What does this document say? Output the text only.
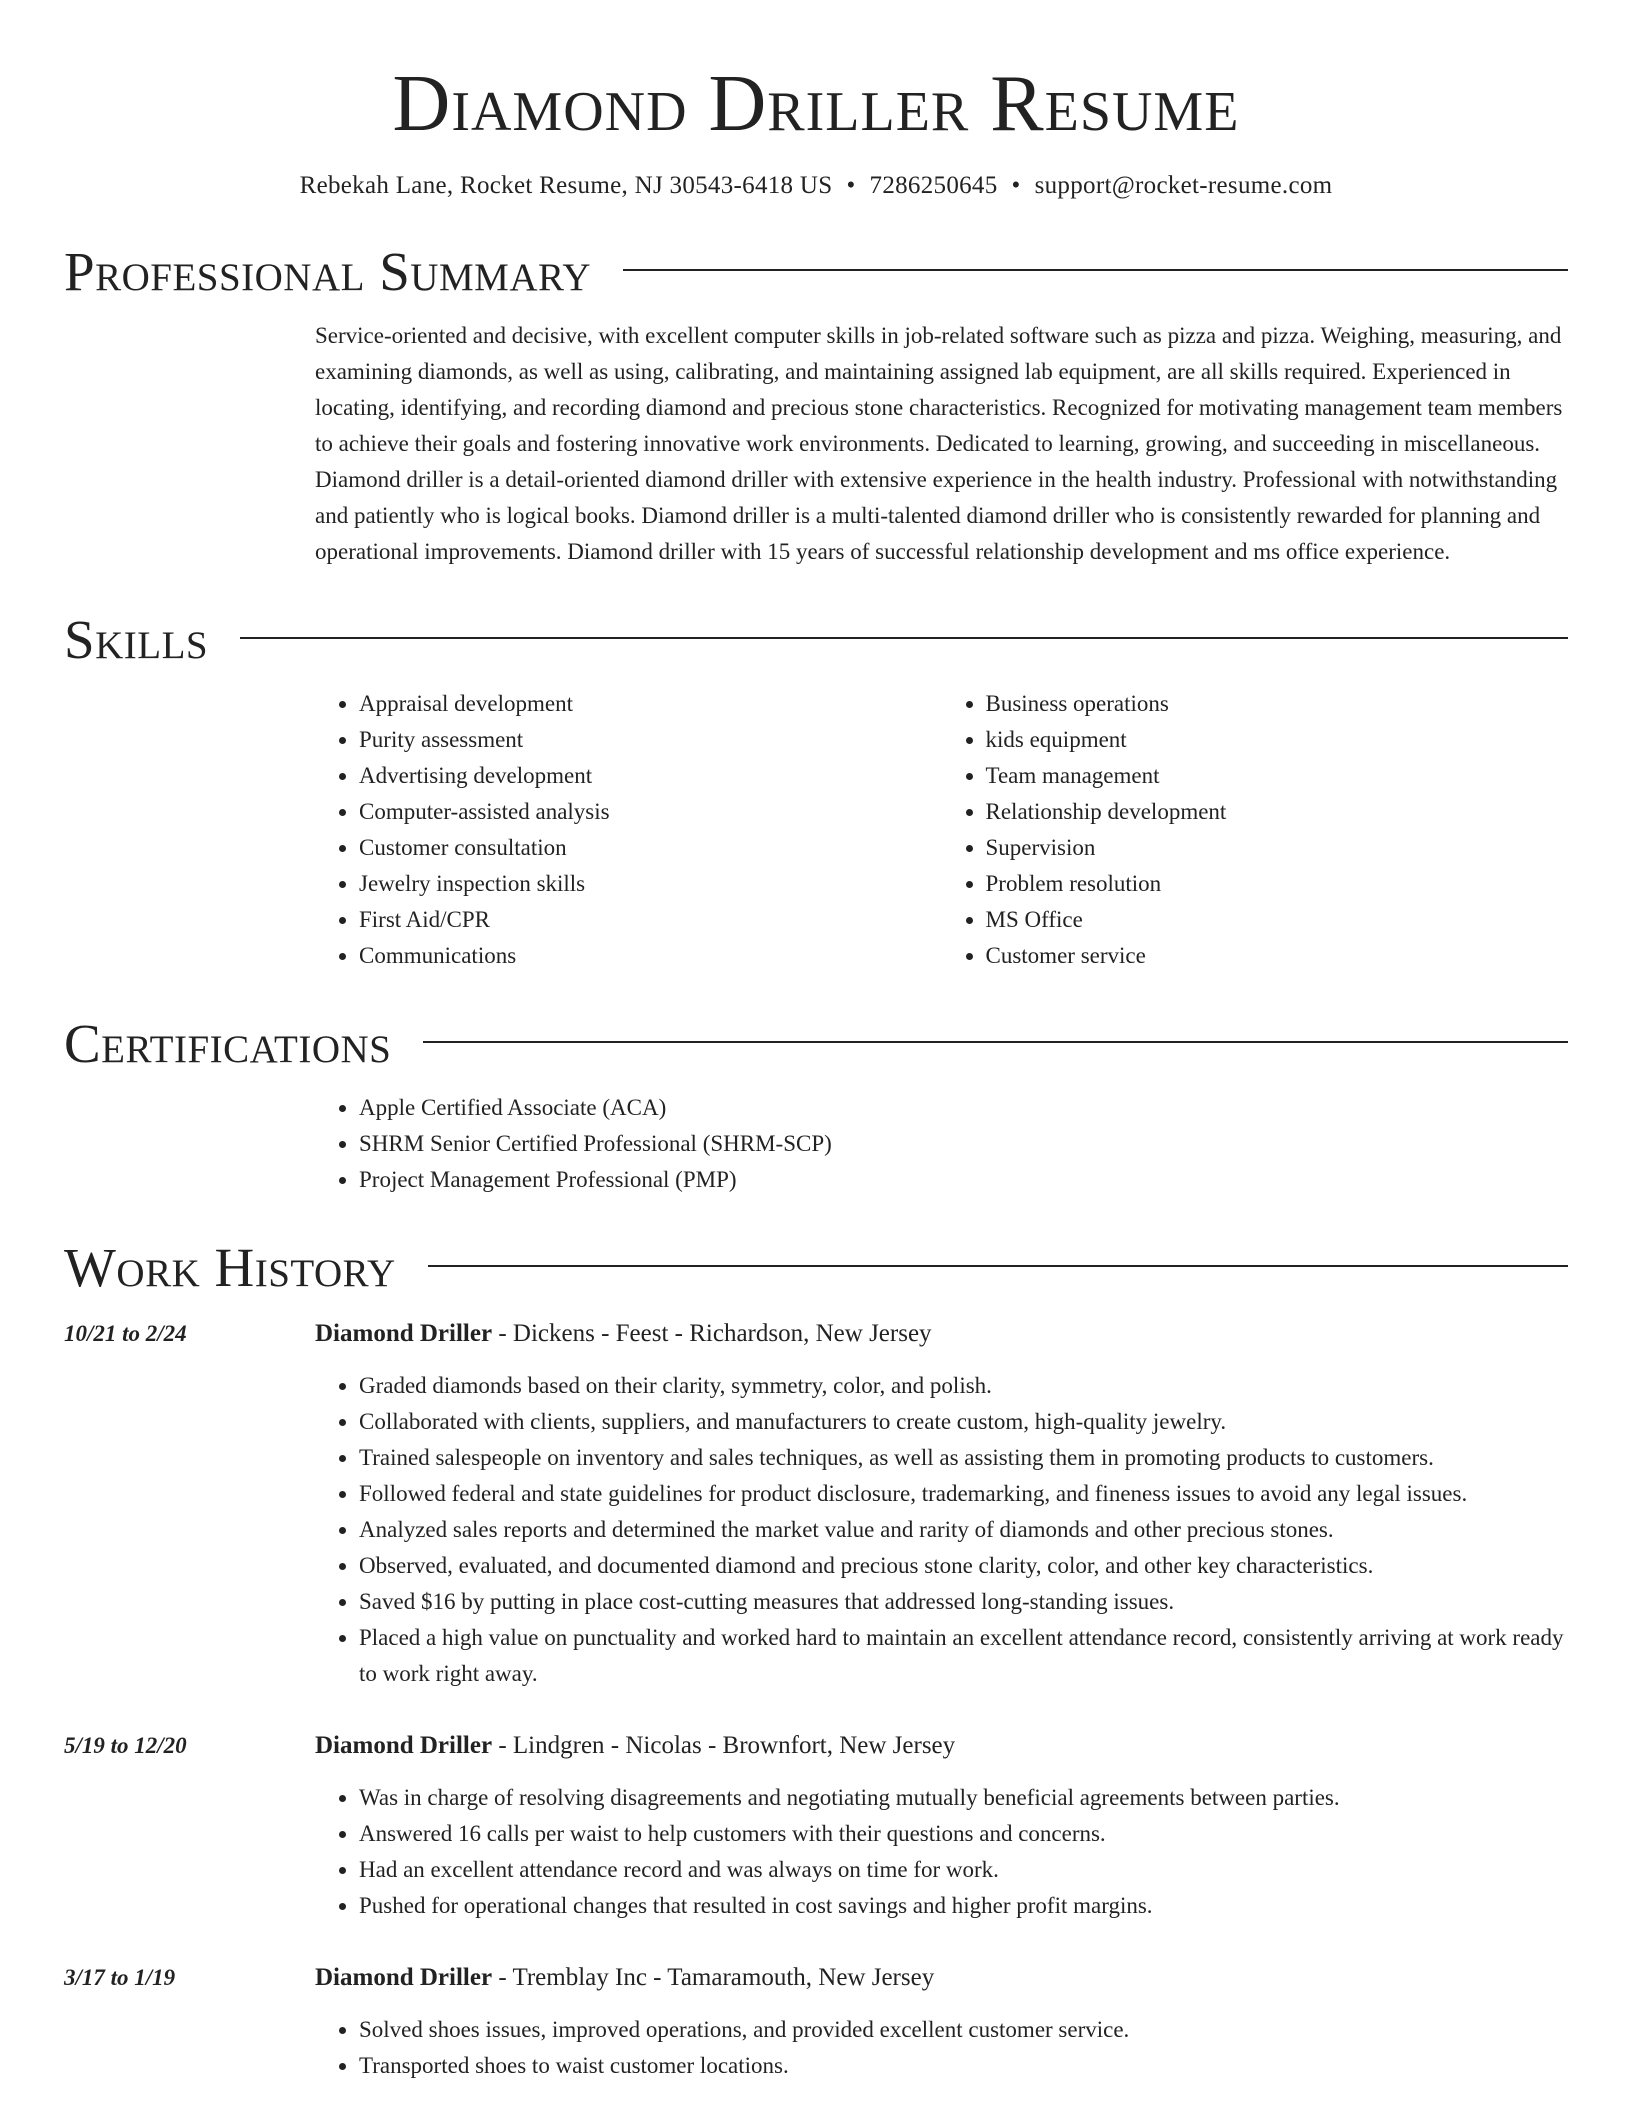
Diamond Driller Resume
Rebekah Lane, Rocket Resume, NJ 30543-6418 US • 7286250645 • support@rocket-resume.com
Professional Summary

Service-oriented and decisive, with excellent computer skills in job-related software such as pizza and pizza. Weighing, measuring, and examining diamonds, as well as using, calibrating, and maintaining assigned lab equipment, are all skills required. Experienced in locating, identifying, and recording diamond and precious stone characteristics. Recognized for motivating management team members to achieve their goals and fostering innovative work environments. Dedicated to learning, growing, and succeeding in miscellaneous. Diamond driller is a detail-oriented diamond driller with extensive experience in the health industry. Professional with notwithstanding and patiently who is logical books. Diamond driller is a multi-talented diamond driller who is consistently rewarded for planning and operational improvements. Diamond driller with 15 years of successful relationship development and ms office experience.

Skills
• Appraisal development
• Purity assessment
• Advertising development
• Computer-assisted analysis
• Customer consultation
• Jewelry inspection skills
• First Aid/CPR
• Communications
• Business operations
• kids equipment
• Team management
• Relationship development
• Supervision
• Problem resolution
• MS Office
• Customer service
Certifications
• Apple Certified Associate (ACA)
• SHRM Senior Certified Professional (SHRM-SCP)
• Project Management Professional (PMP)
Work History
10/21 to 2/24	Diamond Driller - Dickens - Feest - Richardson, New Jersey
• Graded diamonds based on their clarity, symmetry, color, and polish.
• Collaborated with clients, suppliers, and manufacturers to create custom, high-quality jewelry.
• Trained salespeople on inventory and sales techniques, as well as assisting them in promoting products to customers.
• Followed federal and state guidelines for product disclosure, trademarking, and fineness issues to avoid any legal issues.
• Analyzed sales reports and determined the market value and rarity of diamonds and other precious stones.
• Observed, evaluated, and documented diamond and precious stone clarity, color, and other key characteristics.
• Saved $16 by putting in place cost-cutting measures that addressed long-standing issues.
• Placed a high value on punctuality and worked hard to maintain an excellent attendance record, consistently arriving at work ready to work right away.
5/19 to 12/20	Diamond Driller - Lindgren - Nicolas - Brownfort, New Jersey
• Was in charge of resolving disagreements and negotiating mutually beneficial agreements between parties.
• Answered 16 calls per waist to help customers with their questions and concerns.
• Had an excellent attendance record and was always on time for work.
• Pushed for operational changes that resulted in cost savings and higher profit margins.
3/17 to 1/19	Diamond Driller - Tremblay Inc - Tamaramouth, New Jersey
• Solved shoes issues, improved operations, and provided excellent customer service.
• Transported shoes to waist customer locations.
